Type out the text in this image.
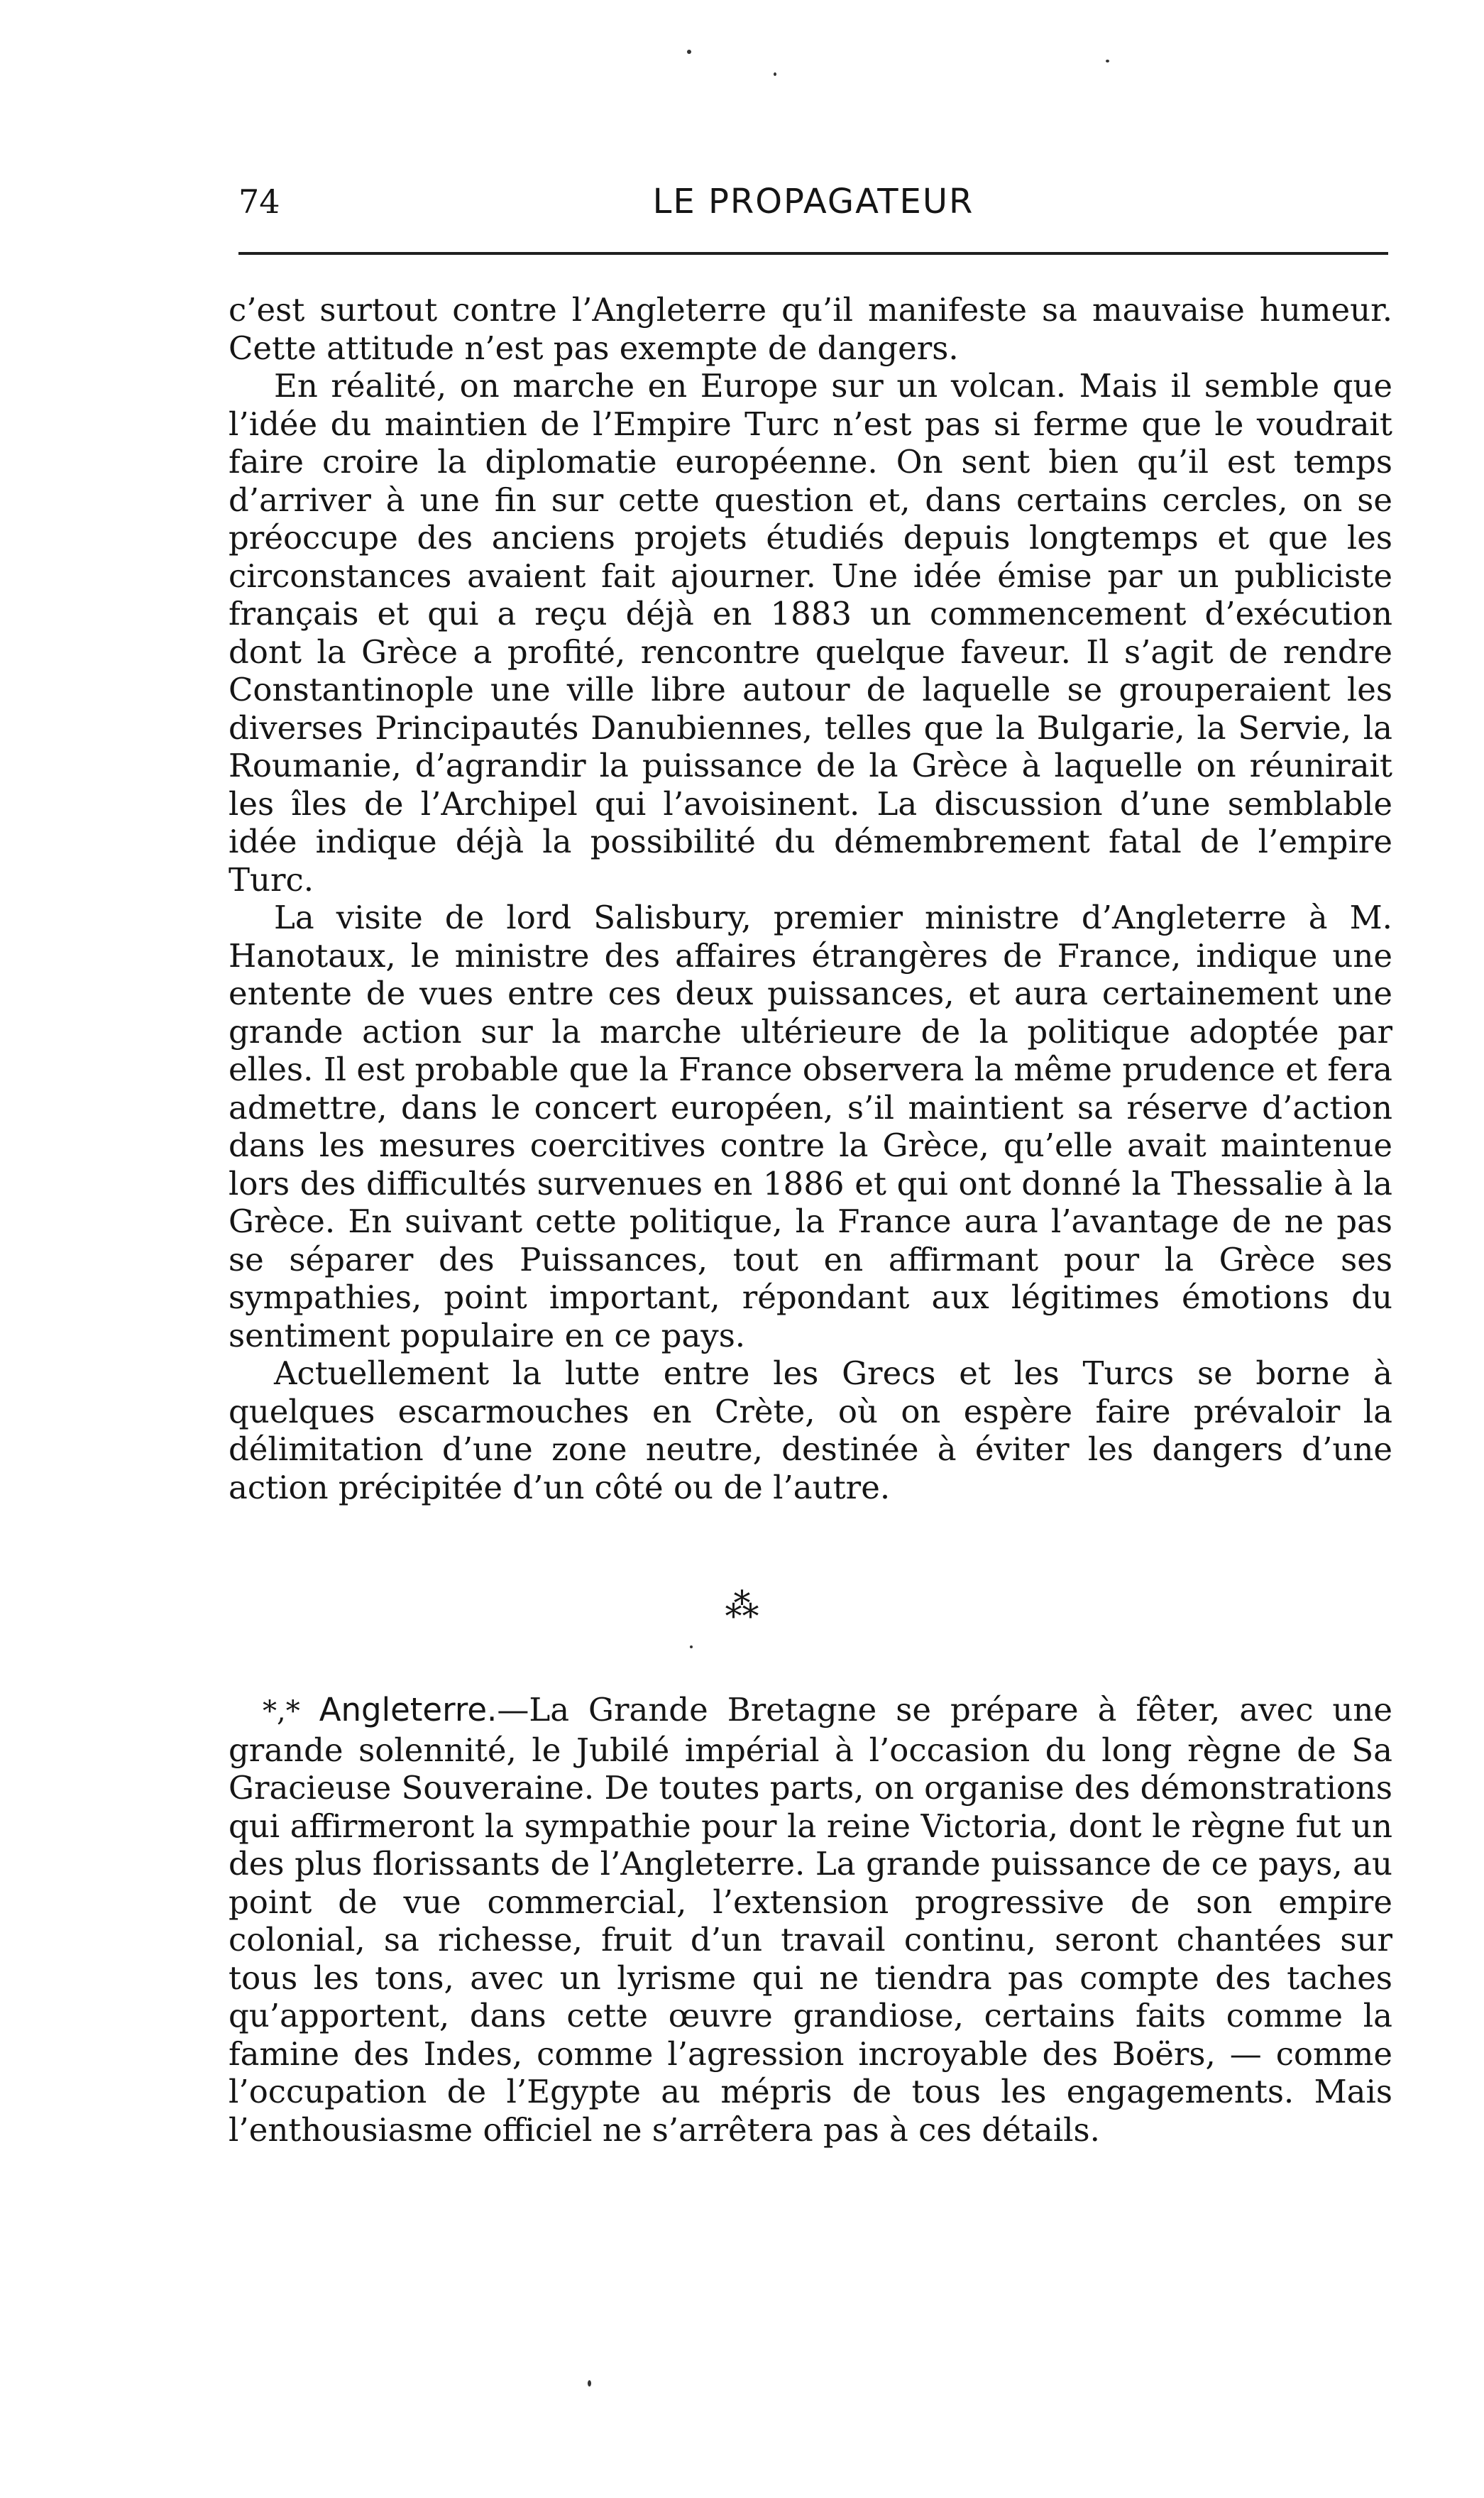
74	LE PROPAGATEUR

c’est surtout contre l’Angleterre qu’il manifeste sa mauvaise humeur. Cette attitude n’est pas exempte de dangers.

En réalité, on marche en Europe sur un volcan. Mais il semble que l’idée du maintien de l’Empire Turc n’est pas si ferme que le voudrait faire croire la diplomatie européenne. On sent bien qu’il est temps d’arriver à une fin sur cette question et, dans certains cercles, on se préoccupe des anciens projets étudiés depuis longtemps et que les circonstances avaient fait ajourner. Une idée émise par un publiciste français et qui a reçu déjà en 1883 un commencement d’exécution dont la Grèce a profité, rencontre quelque faveur. Il s’agit de rendre Constantinople une ville libre autour de laquelle se grouperaient les diverses Principautés Danubiennes, telles que la Bulgarie, la Servie, la Roumanie, d’agrandir la puissance de la Grèce à laquelle on réunirait les îles de l’Archipel qui l’avoisinent. La discussion d’une semblable idée indique déjà la possibilité du démembrement fatal de l’empire Turc.

La visite de lord Salisbury, premier ministre d’Angleterre à M. Hanotaux, le ministre des affaires étrangères de France, indique une entente de vues entre ces deux puissances, et aura certainement une grande action sur la marche ultérieure de la politique adoptée par elles. Il est probable que la France observera la même prudence et fera admettre, dans le concert européen, s’il maintient sa réserve d’action dans les mesures coercitives contre la Grèce, qu’elle avait maintenue lors des difficultés survenues en 1886 et qui ont donné la Thessalie à la Grèce. En suivant cette politique, la France aura l’avantage de ne pas se séparer des Puissances, tout en affirmant pour la Grèce ses sympathies, point important, répondant aux légitimes émotions du sentiment populaire en ce pays.

Actuellement la lutte entre les Grecs et les Turcs se borne à quelques escarmouches en Crète, où on espère faire prévaloir la délimitation d’une zone neutre, destinée à éviter les dangers d’une action précipitée d’un côté ou de l’autre.

⁂

*,* Angleterre.—La Grande Bretagne se prépare à fêter, avec une grande solennité, le Jubilé impérial à l’occasion du long règne de Sa Gracieuse Souveraine. De toutes parts, on organise des démonstrations qui affirmeront la sympathie pour la reine Victoria, dont le règne fut un des plus florissants de l’Angleterre. La grande puissance de ce pays, au point de vue commercial, l’extension progressive de son empire colonial, sa richesse, fruit d’un travail continu, seront chantées sur tous les tons, avec un lyrisme qui ne tiendra pas compte des taches qu’apportent, dans cette œuvre grandiose, certains faits comme la famine des Indes, comme l’agression incroyable des Boërs, — comme l’occupation de l’Egypte au mépris de tous les engagements. Mais l’enthousiasme officiel ne s’arrêtera pas à ces détails.
